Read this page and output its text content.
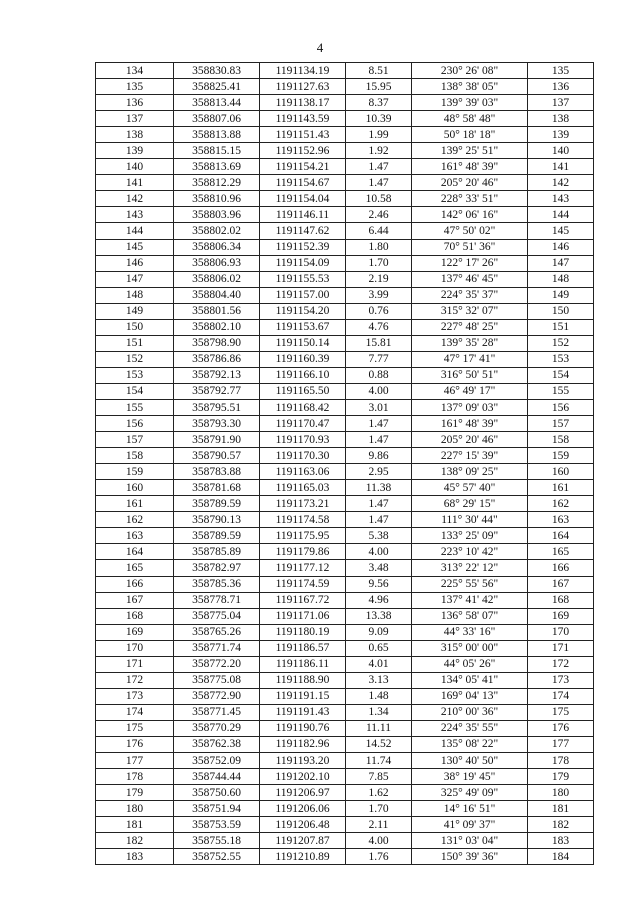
4
134	358830.83	1191134.19	8.51	230° 26' 08"	135
135	358825.41	1191127.63	15.95	138° 38' 05"	136
136	358813.44	1191138.17	8.37	139° 39' 03"	137
137	358807.06	1191143.59	10.39	48° 58' 48"	138
138	358813.88	1191151.43	1.99	50° 18' 18"	139
139	358815.15	1191152.96	1.92	139° 25' 51"	140
140	358813.69	1191154.21	1.47	161° 48' 39"	141
141	358812.29	1191154.67	1.47	205° 20' 46"	142
142	358810.96	1191154.04	10.58	228° 33' 51"	143
143	358803.96	1191146.11	2.46	142° 06' 16"	144
144	358802.02	1191147.62	6.44	47° 50' 02"	145
145	358806.34	1191152.39	1.80	70° 51' 36"	146
146	358806.93	1191154.09	1.70	122° 17' 26"	147
147	358806.02	1191155.53	2.19	137° 46' 45"	148
148	358804.40	1191157.00	3.99	224° 35' 37"	149
149	358801.56	1191154.20	0.76	315° 32' 07"	150
150	358802.10	1191153.67	4.76	227° 48' 25"	151
151	358798.90	1191150.14	15.81	139° 35' 28"	152
152	358786.86	1191160.39	7.77	47° 17' 41"	153
153	358792.13	1191166.10	0.88	316° 50' 51"	154
154	358792.77	1191165.50	4.00	46° 49' 17"	155
155	358795.51	1191168.42	3.01	137° 09' 03"	156
156	358793.30	1191170.47	1.47	161° 48' 39"	157
157	358791.90	1191170.93	1.47	205° 20' 46"	158
158	358790.57	1191170.30	9.86	227° 15' 39"	159
159	358783.88	1191163.06	2.95	138° 09' 25"	160
160	358781.68	1191165.03	11.38	45° 57' 40"	161
161	358789.59	1191173.21	1.47	68° 29' 15"	162
162	358790.13	1191174.58	1.47	111° 30' 44"	163
163	358789.59	1191175.95	5.38	133° 25' 09"	164
164	358785.89	1191179.86	4.00	223° 10' 42"	165
165	358782.97	1191177.12	3.48	313° 22' 12"	166
166	358785.36	1191174.59	9.56	225° 55' 56"	167
167	358778.71	1191167.72	4.96	137° 41' 42"	168
168	358775.04	1191171.06	13.38	136° 58' 07"	169
169	358765.26	1191180.19	9.09	44° 33' 16"	170
170	358771.74	1191186.57	0.65	315° 00' 00"	171
171	358772.20	1191186.11	4.01	44° 05' 26"	172
172	358775.08	1191188.90	3.13	134° 05' 41"	173
173	358772.90	1191191.15	1.48	169° 04' 13"	174
174	358771.45	1191191.43	1.34	210° 00' 36"	175
175	358770.29	1191190.76	11.11	224° 35' 55"	176
176	358762.38	1191182.96	14.52	135° 08' 22"	177
177	358752.09	1191193.20	11.74	130° 40' 50"	178
178	358744.44	1191202.10	7.85	38° 19' 45"	179
179	358750.60	1191206.97	1.62	325° 49' 09"	180
180	358751.94	1191206.06	1.70	14° 16' 51"	181
181	358753.59	1191206.48	2.11	41° 09' 37"	182
182	358755.18	1191207.87	4.00	131° 03' 04"	183
183	358752.55	1191210.89	1.76	150° 39' 36"	184
